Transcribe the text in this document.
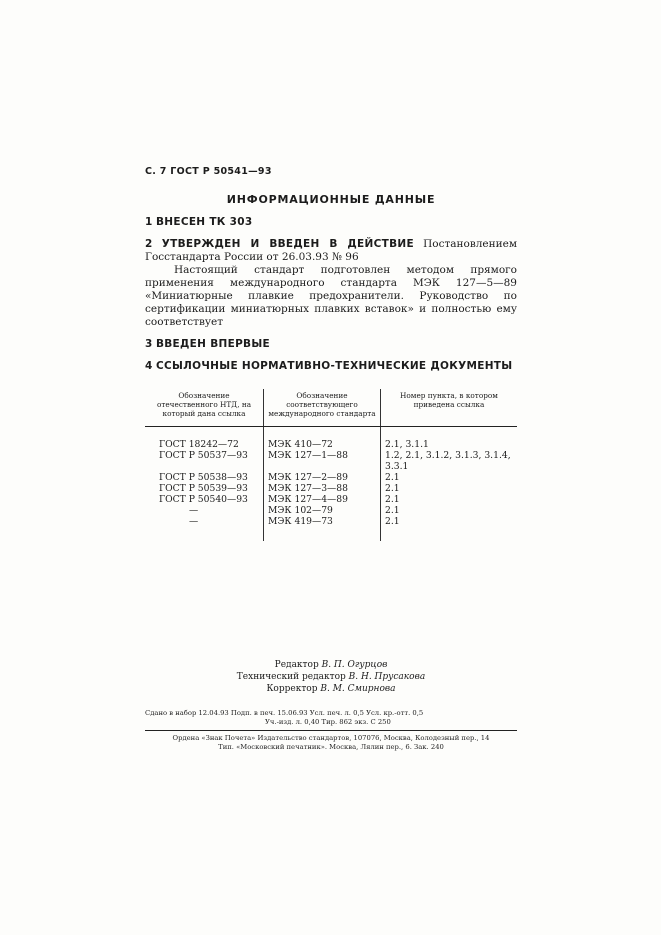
С. 7 ГОСТ Р 50541—93
ИНФОРМАЦИОННЫЕ ДАННЫЕ
1 ВНЕСЕН ТК 303
2 УТВЕРЖДЕН И ВВЕДЕН В ДЕЙСТВИЕ Постановлением Госстандарта России от 26.03.93 № 96
Настоящий стандарт подготовлен методом прямого применения международного стандарта МЭК 127—5—89 «Миниатюрные плавкие предохранители. Руководство по сертификации миниатюрных плавких вставок» и полностью ему соответствует
3 ВВЕДЕН ВПЕРВЫЕ
4 ССЫЛОЧНЫЕ НОРМАТИВНО-ТЕХНИЧЕСКИЕ ДОКУМЕНТЫ
Обозначение отечественного НТД, на который дана ссылка	Обозначение соответствующего международного стандарта	Номер пункта, в котором приведена ссылка
ГОСТ 18242—72	МЭК 410—72	2.1, 3.1.1
ГОСТ Р 50537—93	МЭК 127—1—88	1.2, 2.1, 3.1.2, 3.1.3, 3.1.4, 3.3.1
ГОСТ Р 50538—93	МЭК 127—2—89	2.1
ГОСТ Р 50539—93	МЭК 127—3—88	2.1
ГОСТ Р 50540—93	МЭК 127—4—89	2.1
—	МЭК 102—79	2.1
—	МЭК 419—73	2.1
Редактор В. П. Огурцов
Технический редактор В. Н. Прусакова
Корректор В. М. Смирнова
Сдано в набор 12.04.93 Подп. в печ. 15.06.93 Усл. печ. л. 0,5 Усл. кр.-отт. 0,5
Уч.-изд. л. 0,40 Тир. 862 экз. С 250
Ордена «Знак Почета» Издательство стандартов, 107076, Москва, Колодезный пер., 14
Тип. «Московский печатник». Москва, Лялин пер., 6. Зак. 240
